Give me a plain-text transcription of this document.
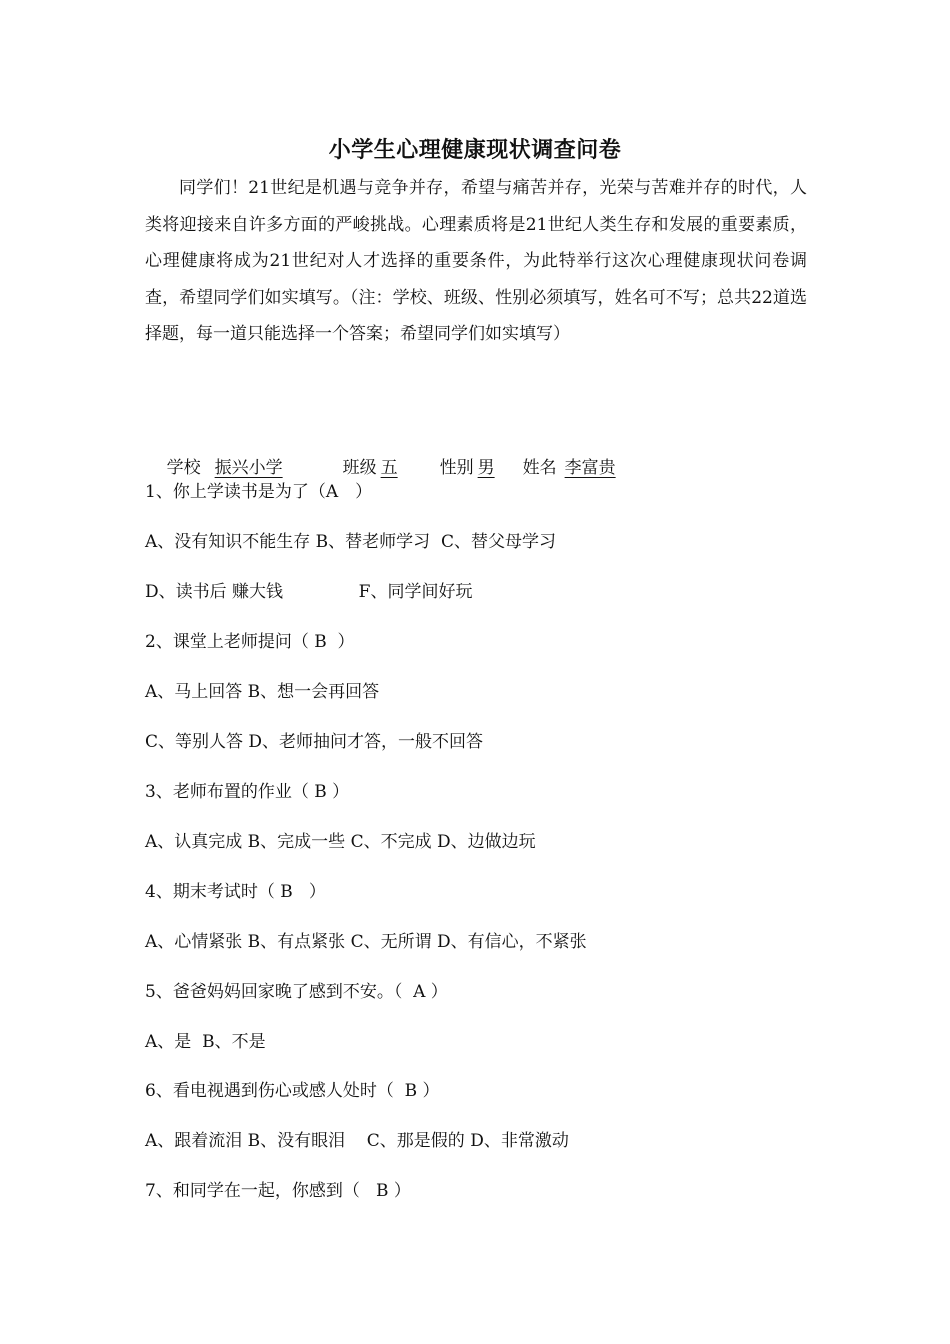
小学生心理健康现状调查问卷

同学们！21世纪是机遇与竞争并存，希望与痛苦并存，光荣与苦难并存的时代，人类将迎接来自许多方面的严峻挑战。心理素质将是21世纪人类生存和发展的重要素质，心理健康将成为21世纪对人才选择的重要条件，为此特举行这次心理健康现状问卷调查，希望同学们如实填写。（注：学校、班级、性别必须填写，姓名可不写；总共22道选择题，每一道只能选择一个答案；希望同学们如实填写）

学校 振兴小学	班级 五 性别 男 姓名 李富贵

1、你上学读书是为了（A　）
A、没有知识不能生存 B、替老师学习  C、替父母学习
D、读书后 赚大钱              F、同学间好玩
2、课堂上老师提问（ B  ）
A、马上回答 B、想一会再回答
C、等别人答 D、老师抽问才答，一般不回答
3、老师布置的作业（ B ）
A、认真完成 B、完成一些 C、不完成 D、边做边玩
4、期末考试时（ B   ）
A、心情紧张 B、有点紧张 C、无所谓 D、有信心，不紧张
5、爸爸妈妈回家晚了感到不安。（  A ）
A、是  B、不是
6、看电视遇到伤心或感人处时（  B ）
A、跟着流泪 B、没有眼泪    C、那是假的 D、非常激动
7、和同学在一起，你感到（   B ）
